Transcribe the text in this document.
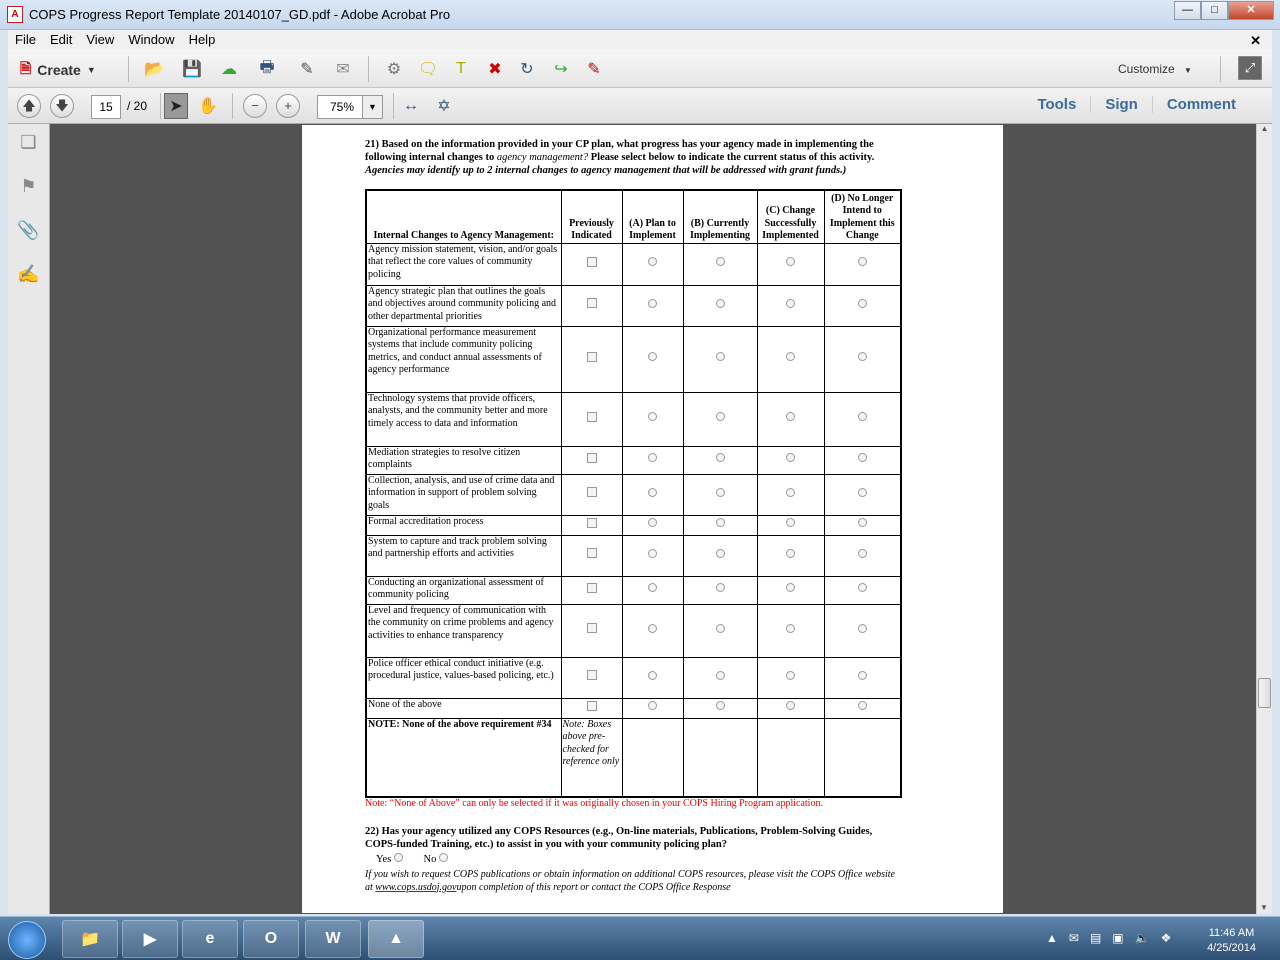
A COPS Progress Report Template 20140107_GD.pdf - Adobe Acrobat Pro	—	□	✕
File	Edit	View	Window	Help	✕
🗎 Create ▼	📂 💾	☁	🖶	✎	✉	⚙	🗨	T	✖	↻	↪	✎	Customize ▼	⤢
🡅	🡇	15	/ 20	➤ ✋	−	+	75%	▼	↔	✡	Tools	Sign	Comment
❏
⚑
📎
✍
▲
▼
21) Based on the information provided in your CP plan, what progress has your agency made in implementing the following internal changes to agency management? Please select below to indicate the current status of this activity. Agencies may identify up to 2 internal changes to agency management that will be addressed with grant funds.)
Internal Changes to Agency Management:	Previously Indicated	(A) Plan to Implement	(B) Currently Implementing	(C) Change Successfully Implemented	(D) No Longer Intend to Implement this Change
Agency mission statement, vision, and/or goals that reflect the core values of community policing					
Agency strategic plan that outlines the goals and objectives around community policing and other departmental priorities					
Organizational performance measurement systems that include community policing metrics, and conduct annual assessments of agency performance					
Technology systems that provide officers, analysts, and the community better and more timely access to data and information					
Mediation strategies to resolve citizen complaints					
Collection, analysis, and use of crime data and information in support of problem solving goals					
Formal accreditation process					
System to capture and track problem solving and partnership efforts and activities					
Conducting an organizational assessment of community policing					
Level and frequency of communication with the community on crime problems and agency activities to enhance transparency					
Police officer ethical conduct initiative (e.g. procedural justice, values-based policing, etc.)					
None of the above					
NOTE: None of the above requirement #34	Note: Boxes above pre-checked for reference only				
Note: “None of Above” can only be selected if it was originally chosen in your COPS Hiring Program application.
22) Has your agency utilized any COPS Resources (e.g., On-line materials, Publications, Problem-Solving Guides, COPS-funded Training, etc.) to assist in you with your community policing plan?
Yes	No
If you wish to request COPS publications or obtain information on additional COPS resources, please visit the COPS Office website at www.cops.usdoj.govupon completion of this report or contact the COPS Office Response
📁	▶	e	O	W	▲	▲ ✉ ▤ ▣ 🔈 ❖	11:46 AM
4/25/2014
